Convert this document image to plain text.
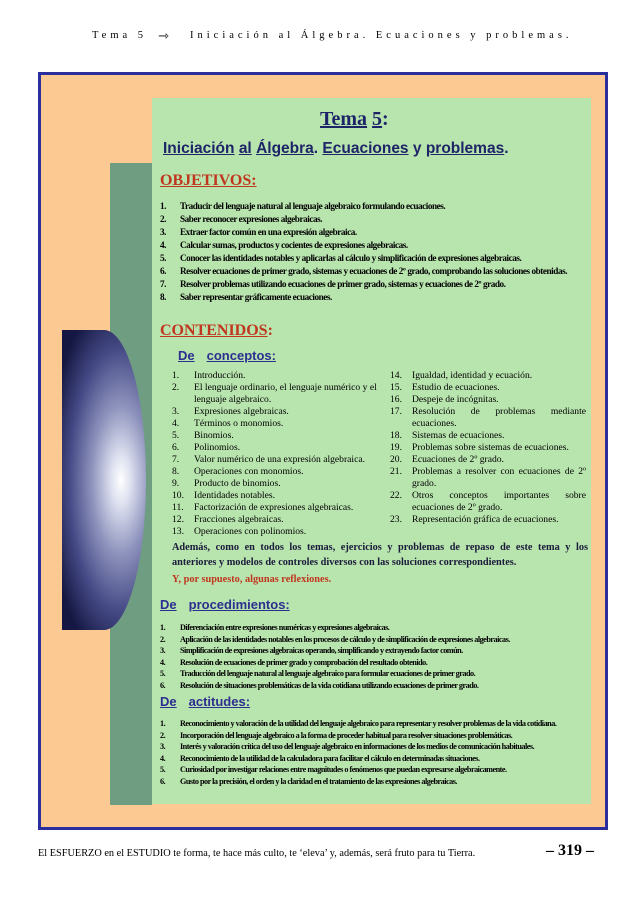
Tema 5 ⇾ Iniciación al Álgebra. Ecuaciones y problemas.
Tema 5:
Iniciación al Álgebra. Ecuaciones y problemas.
OBJETIVOS:
1.	Traducir del lenguaje natural al lenguaje algebraico formulando ecuaciones.
2.	Saber reconocer expresiones algebraicas.
3.	Extraer factor común en una expresión algebraica.
4.	Calcular sumas, productos y cocientes de expresiones algebraicas.
5.	Conocer las identidades notables y aplicarlas al cálculo y simplificación de expresiones algebraicas.
6.	Resolver ecuaciones de primer grado, sistemas y ecuaciones de 2º grado, comprobando las soluciones obtenidas.
7.	Resolver problemas utilizando ecuaciones de primer grado, sistemas y ecuaciones de 2º grado.
8.	Saber representar gráficamente ecuaciones.
CONTENIDOS:
De conceptos:
1.	Introducción.
2.	El lenguaje ordinario, el lenguaje numérico y el lenguaje algebraico.
3.	Expresiones algebraicas.
4.	Términos o monomios.
5.	Binomios.
6.	Polinomios.
7.	Valor numérico de una expresión algebraica.
8.	Operaciones con monomios.
9.	Producto de binomios.
10.	Identidades notables.
11.	Factorización de expresiones algebraicas.
12.	Fracciones algebraicas.
13.	Operaciones con polinomios.
14.	Igualdad, identidad y ecuación.
15.	Estudio de ecuaciones.
16.	Despeje de incógnitas.
17.	Resolución de problemas mediante ecuaciones.
18.	Sistemas de ecuaciones.
19.	Problemas sobre sistemas de ecuaciones.
20.	Ecuaciones de 2º grado.
21.	Problemas a resolver con ecuaciones de 2º grado.
22.	Otros conceptos importantes sobre ecuaciones de 2º grado.
23.	Representación gráfica de ecuaciones.
Además, como en todos los temas, ejercicios y problemas de repaso de este tema y los anteriores y modelos de controles diversos con las soluciones correspondientes.
Y, por supuesto, algunas reflexiones.
De procedimientos:
1.	Diferenciación entre expresiones numéricas y expresiones algebraicas.
2.	Aplicación de las identidades notables en los procesos de cálculo y de simplificación de expresiones algebraicas.
3.	Simplificación de expresiones algebraicas operando, simplificando y extrayendo factor común.
4.	Resolución de ecuaciones de primer grado y comprobación del resultado obtenido.
5.	Traducción del lenguaje natural al lenguaje algebraico para formular ecuaciones de primer grado.
6.	Resolución de situaciones problemáticas de la vida cotidiana utilizando ecuaciones de primer grado.
De actitudes:
1.	Reconocimiento y valoración de la utilidad del lenguaje algebraico para representar y resolver problemas de la vida cotidiana.
2.	Incorporación del lenguaje algebraico a la forma de proceder habitual para resolver situaciones problemáticas.
3.	Interés y valoración crítica del uso del lenguaje algebraico en informaciones de los medios de comunicación habituales.
4.	Reconocimiento de la utilidad de la calculadora para facilitar el cálculo en determinadas situaciones.
5.	Curiosidad por investigar relaciones entre magnitudes o fenómenos que puedan expresarse algebraicamente.
6.	Gusto por la precisión, el orden y la claridad en el tratamiento de las expresiones algebraicas.
El ESFUERZO en el ESTUDIO te forma, te hace más culto, te ‘eleva’ y, además, será fruto para tu Tierra.	– 319 –
